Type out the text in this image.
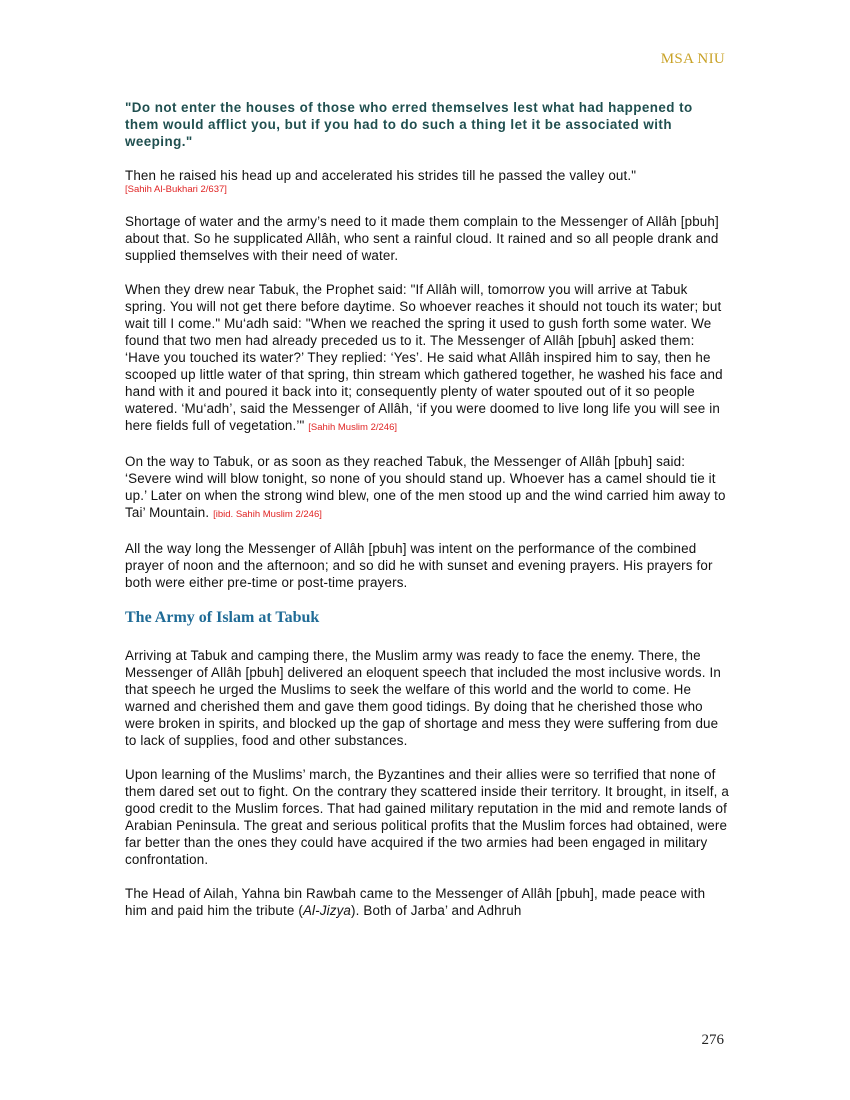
MSA NIU

"Do not enter the houses of those who erred themselves lest what had happened to them would afflict you, but if you had to do such a thing let it be associated with weeping."

Then he raised his head up and accelerated his strides till he passed the valley out."
[Sahih Al-Bukhari 2/637]

Shortage of water and the army’s need to it made them complain to the Messenger of Allâh [pbuh] about that. So he supplicated Allâh, who sent a rainful cloud. It rained and so all people drank and supplied themselves with their need of water.

When they drew near Tabuk, the Prophet said: "If Allâh will, tomorrow you will arrive at Tabuk spring. You will not get there before daytime. So whoever reaches it should not touch its water; but wait till I come." Mu‘adh said: "When we reached the spring it used to gush forth some water. We found that two men had already preceded us to it. The Messenger of Allâh [pbuh] asked them: ‘Have you touched its water?’ They replied: ‘Yes’. He said what Allâh inspired him to say, then he scooped up little water of that spring, thin stream which gathered together, he washed his face and hand with it and poured it back into it; consequently plenty of water spouted out of it so people watered. ‘Mu‘adh’, said the Messenger of Allâh, ‘if you were doomed to live long life you will see in here fields full of vegetation.’" [Sahih Muslim 2/246]

On the way to Tabuk, or as soon as they reached Tabuk, the Messenger of Allâh [pbuh] said: ‘Severe wind will blow tonight, so none of you should stand up. Whoever has a camel should tie it up.’ Later on when the strong wind blew, one of the men stood up and the wind carried him away to Tai’ Mountain. [ibid. Sahih Muslim 2/246]

All the way long the Messenger of Allâh [pbuh] was intent on the performance of the combined prayer of noon and the afternoon; and so did he with sunset and evening prayers. His prayers for both were either pre-time or post-time prayers.

The Army of Islam at Tabuk

Arriving at Tabuk and camping there, the Muslim army was ready to face the enemy. There, the Messenger of Allâh [pbuh] delivered an eloquent speech that included the most inclusive words. In that speech he urged the Muslims to seek the welfare of this world and the world to come. He warned and cherished them and gave them good tidings. By doing that he cherished those who were broken in spirits, and blocked up the gap of shortage and mess they were suffering from due to lack of supplies, food and other substances.

Upon learning of the Muslims’ march, the Byzantines and their allies were so terrified that none of them dared set out to fight. On the contrary they scattered inside their territory. It brought, in itself, a good credit to the Muslim forces. That had gained military reputation in the mid and remote lands of Arabian Peninsula. The great and serious political profits that the Muslim forces had obtained, were far better than the ones they could have acquired if the two armies had been engaged in military confrontation.

The Head of Ailah, Yahna bin Rawbah came to the Messenger of Allâh [pbuh], made peace with him and paid him the tribute (Al-Jizya). Both of Jarba’ and Adhruh

276
